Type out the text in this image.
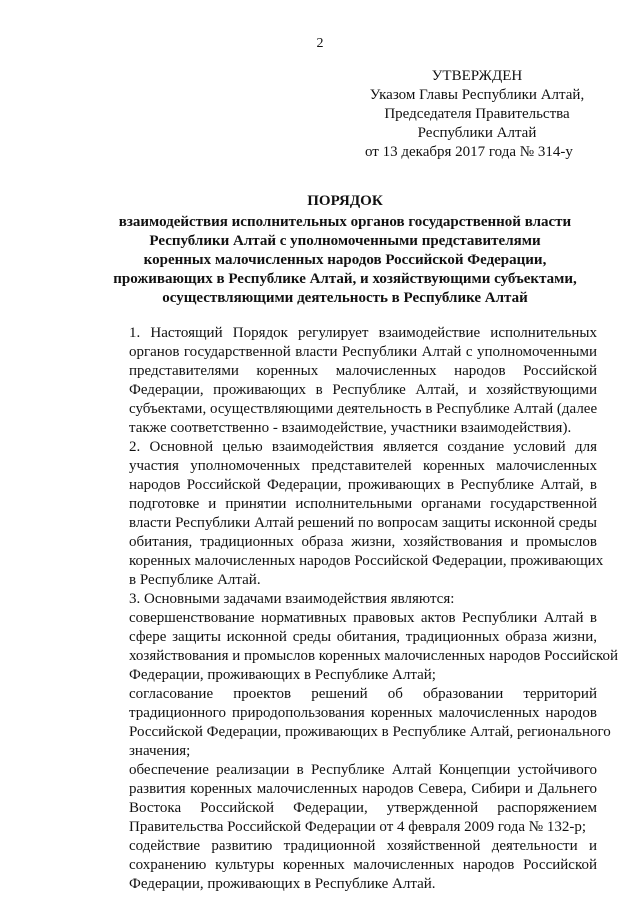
2
УТВЕРЖДЕН
Указом Главы Республики Алтай,
Председателя Правительства
Республики Алтай
от 13 декабря 2017 года № 314-у
ПОРЯДОК
взаимодействия исполнительных органов государственной власти
Республики Алтай с уполномоченными представителями
коренных малочисленных народов Российской Федерации,
проживающих в Республике Алтай, и хозяйствующими субъектами,
осуществляющими деятельность в Республике Алтай
1. Настоящий Порядок регулирует взаимодействие исполнительных
органов государственной власти Республики Алтай с уполномоченными
представителями коренных малочисленных народов Российской
Федерации, проживающих в Республике Алтай, и хозяйствующими
субъектами, осуществляющими деятельность в Республике Алтай (далее
также соответственно - взаимодействие, участники взаимодействия).
2. Основной целью взаимодействия является создание условий для
участия уполномоченных представителей коренных малочисленных
народов Российской Федерации, проживающих в Республике Алтай, в
подготовке и принятии исполнительными органами государственной
власти Республики Алтай решений по вопросам защиты исконной среды
обитания, традиционных образа жизни, хозяйствования и промыслов
коренных малочисленных народов Российской Федерации, проживающих
в Республике Алтай.
3. Основными задачами взаимодействия являются:
совершенствование нормативных правовых актов Республики Алтай в
сфере защиты исконной среды обитания, традиционных образа жизни,
хозяйствования и промыслов коренных малочисленных народов Российской
Федерации, проживающих в Республике Алтай;
согласование проектов решений об образовании территорий
традиционного природопользования коренных малочисленных народов
Российской Федерации, проживающих в Республике Алтай, регионального
значения;
обеспечение реализации в Республике Алтай Концепции устойчивого
развития коренных малочисленных народов Севера, Сибири и Дальнего
Востока Российской Федерации, утвержденной распоряжением
Правительства Российской Федерации от 4 февраля 2009 года № 132-р;
содействие развитию традиционной хозяйственной деятельности и
сохранению культуры коренных малочисленных народов Российской
Федерации, проживающих в Республике Алтай.
